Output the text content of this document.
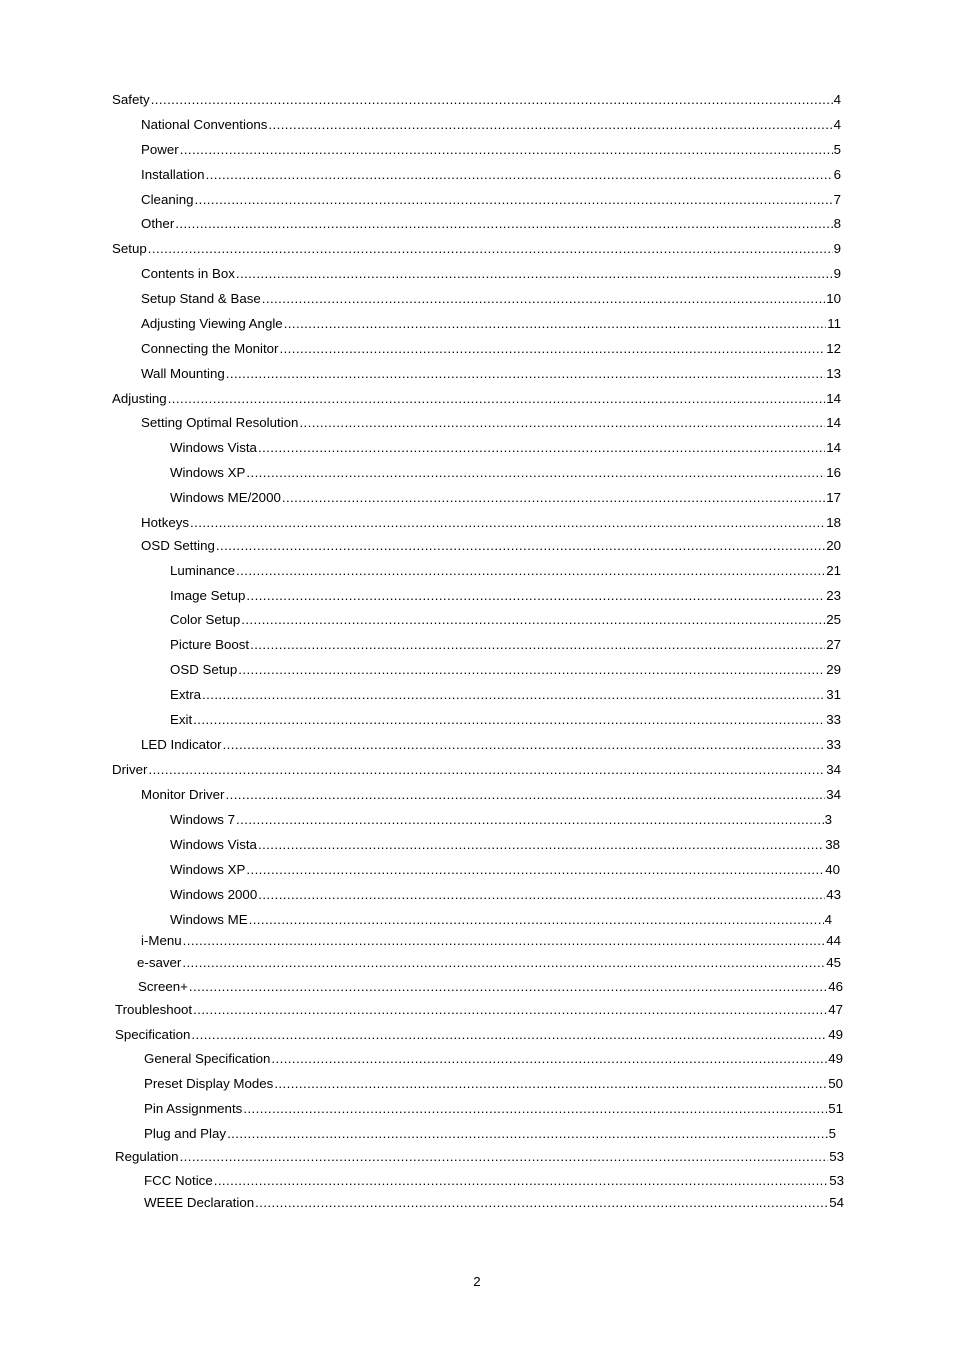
Safety .....	4
National Conventions .....	4
Power .....	5
Installation .....	6
Cleaning .....	7
Other .....	8
Setup .....	9
Contents in Box .....	9
Setup Stand & Base .....	10
Adjusting Viewing Angle .....	11
Connecting the Monitor .....	12
Wall Mounting .....	13
Adjusting .....	14
Setting Optimal Resolution .....	14
Windows Vista .....	14
Windows XP .....	16
Windows ME/2000 .....	17
Hotkeys .....	18
OSD Setting .....	20
Luminance .....	21
Image Setup .....	23
Color Setup .....	25
Picture Boost .....	27
OSD Setup .....	29
Extra .....	31
Exit .....	33
LED Indicator .....	33
Driver .....	34
Monitor Driver .....	34
Windows 7 .....	3
Windows Vista .....	38
Windows XP .....	40
Windows 2000 .....	43
Windows ME .....	4
i-Menu .....	44
e-saver .....	45
Screen+ .....	46
Troubleshoot .....	47
Specification .....	49
General Specification .....	49
Preset Display Modes .....	50
Pin Assignments .....	51
Plug and Play .....	5
Regulation .....	53
FCC Notice .....	53
WEEE Declaration .....	54
2
